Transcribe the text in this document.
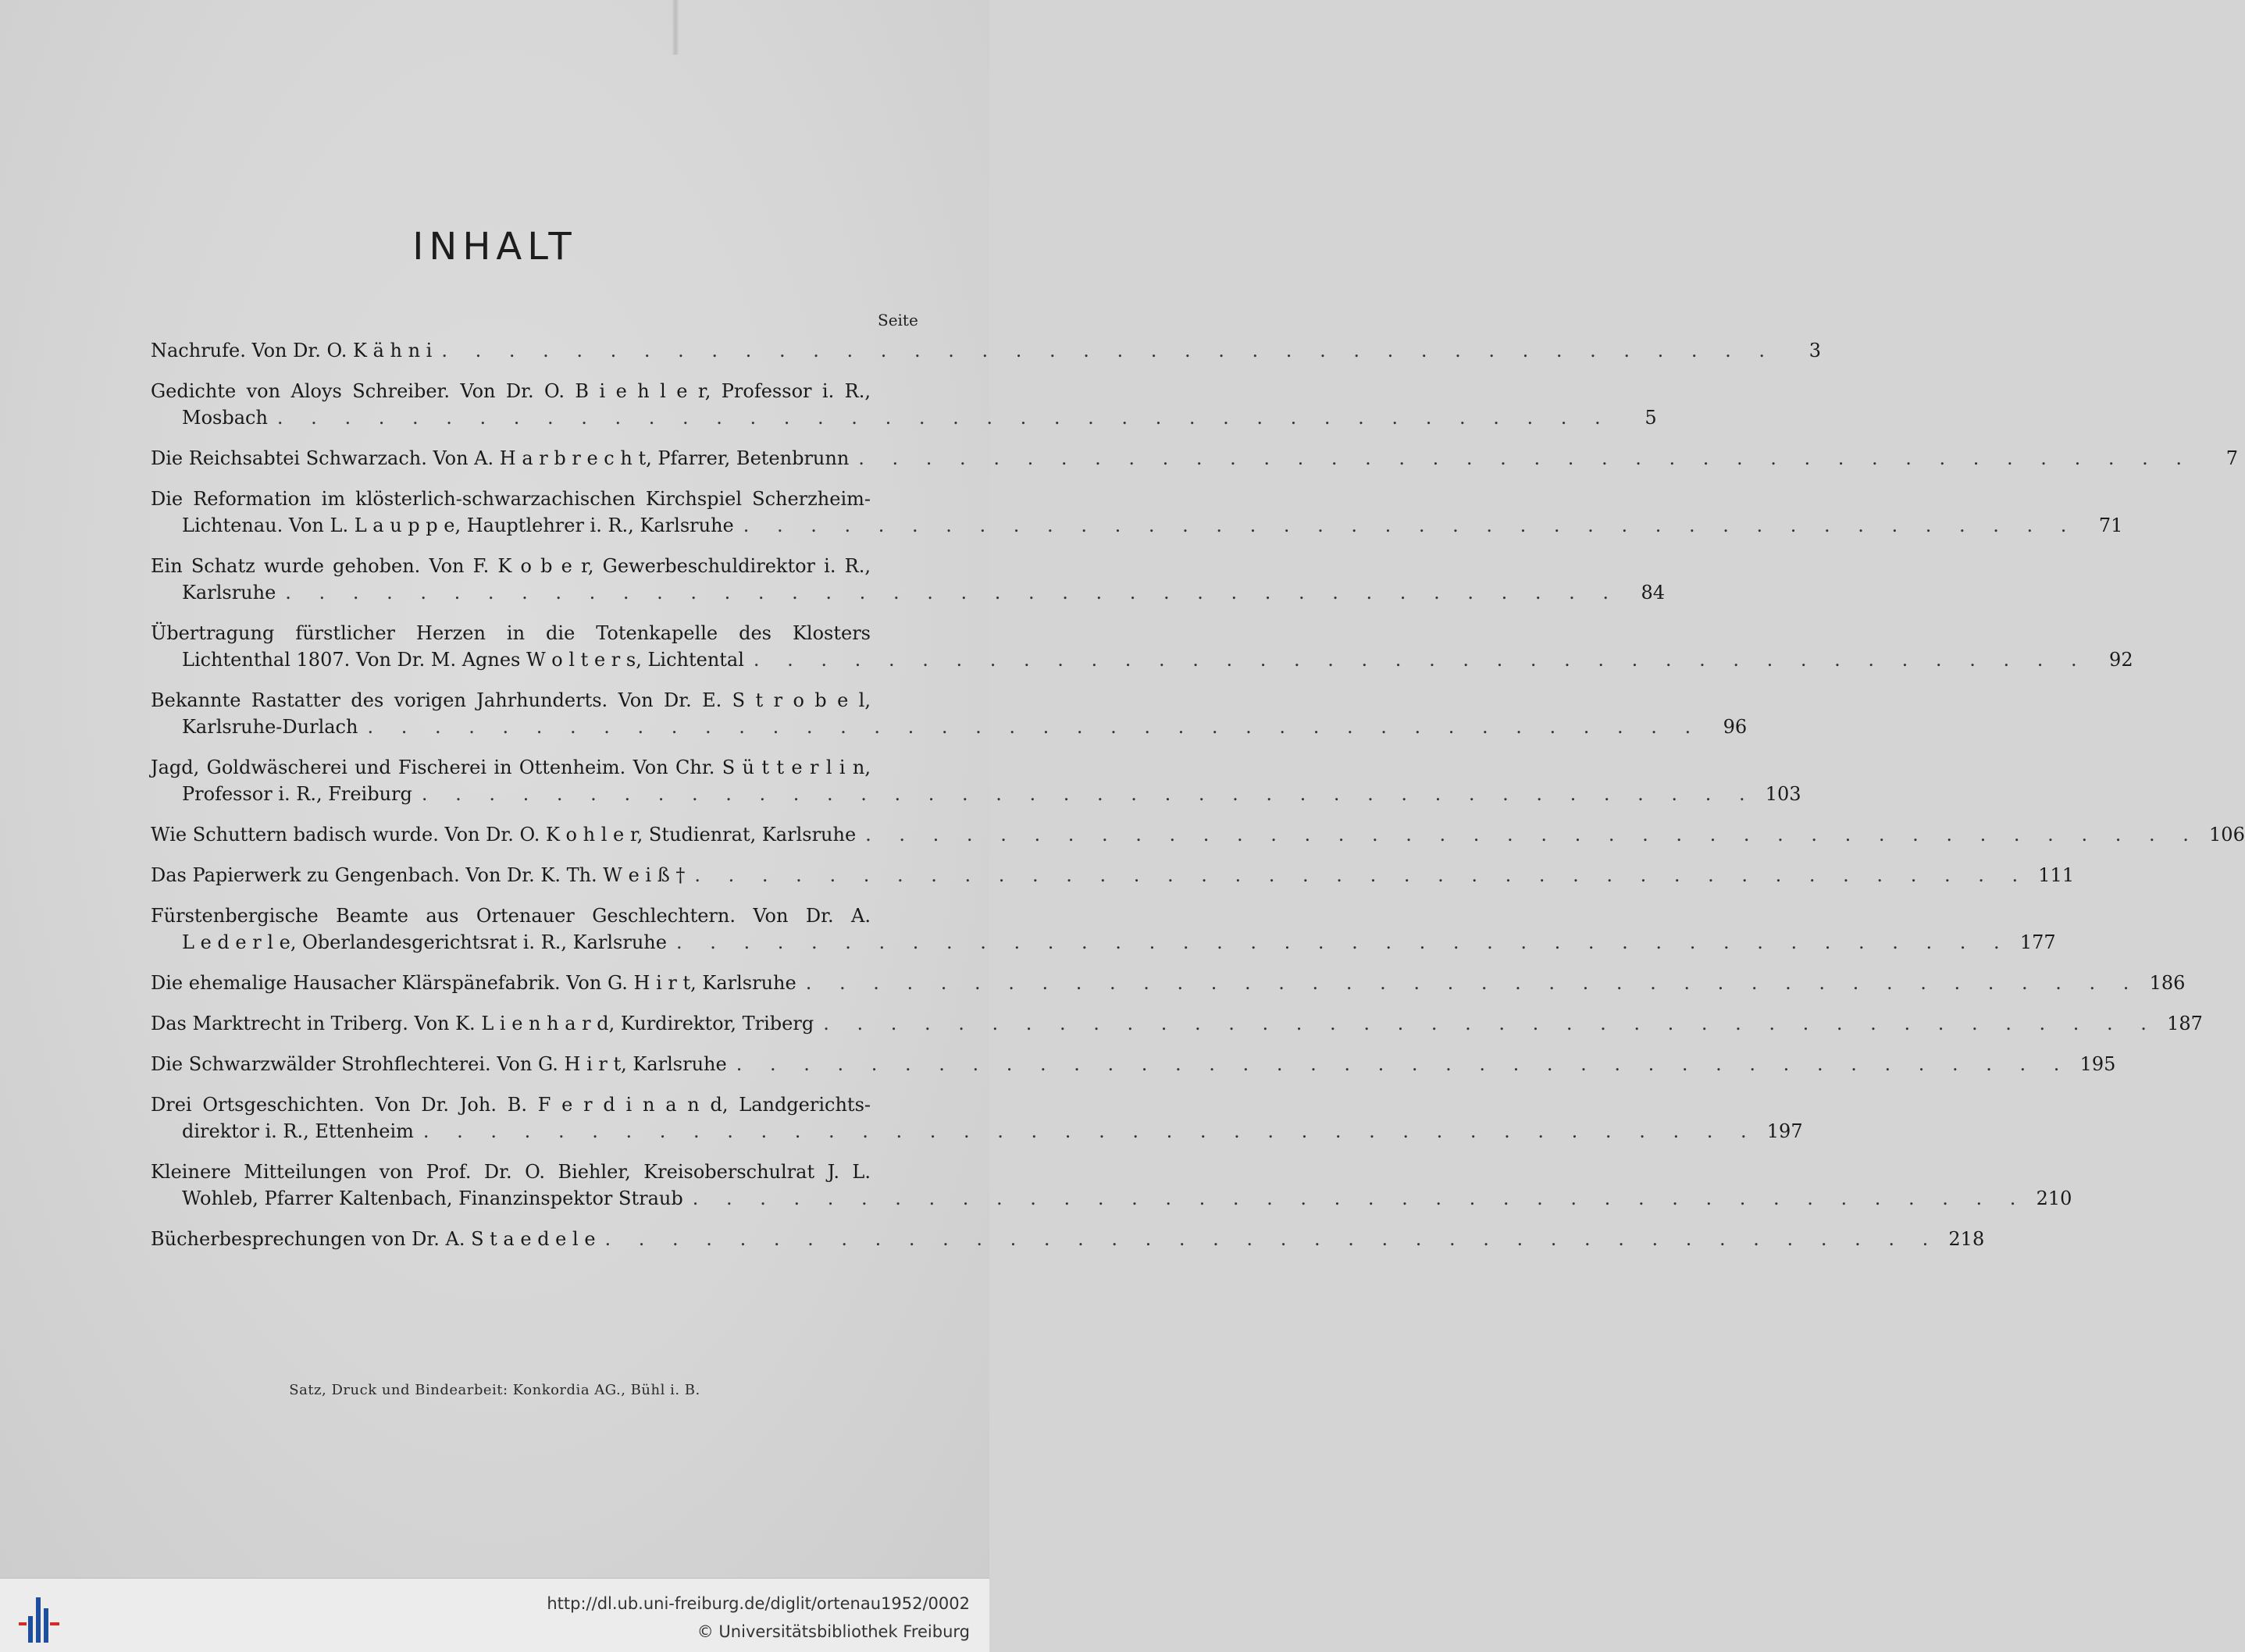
INHALT
Seite
Nachrufe. Von Dr. O. K ä h n i . . . . . . . . . . . . . . . . . . . . . . . . . . . . . . . . . . . . . . . .	3
Gedichte von Aloys Schreiber. Von Dr. O. B i e h l e r, Professor i. R.,
Mosbach . . . . . . . . . . . . . . . . . . . . . . . . . . . . . . . . . . . . . . . .	5
Die Reichsabtei Schwarzach. Von A. H a r b r e c h t, Pfarrer, Betenbrunn . . . . . . . . . . . . . . . . . . . . . . . . . . . . . . . . . . . . . . . .	7
Die Reformation im klösterlich-schwarzachischen Kirchspiel Scherzheim-
Lichtenau. Von L. L a u p p e, Hauptlehrer i. R., Karlsruhe . . . . . . . . . . . . . . . . . . . . . . . . . . . . . . . . . . . . . . . .	71
Ein Schatz wurde gehoben. Von F. K o b e r, Gewerbeschuldirektor i. R.,
Karlsruhe . . . . . . . . . . . . . . . . . . . . . . . . . . . . . . . . . . . . . . . .	84
Übertragung fürstlicher Herzen in die Totenkapelle des Klosters
Lichtenthal 1807. Von Dr. M. Agnes W o l t e r s, Lichtental . . . . . . . . . . . . . . . . . . . . . . . . . . . . . . . . . . . . . . . .	92
Bekannte Rastatter des vorigen Jahrhunderts. Von Dr. E. S t r o b e l,
Karlsruhe-Durlach . . . . . . . . . . . . . . . . . . . . . . . . . . . . . . . . . . . . . . . .	96
Jagd, Goldwäscherei und Fischerei in Ottenheim. Von Chr. S ü t t e r l i n,
Professor i. R., Freiburg . . . . . . . . . . . . . . . . . . . . . . . . . . . . . . . . . . . . . . . . 103
Wie Schuttern badisch wurde. Von Dr. O. K o h l e r, Studienrat, Karlsruhe . . . . . . . . . . . . . . . . . . . . . . . . . . . . . . . . . . . . . . . . 106
Das Papierwerk zu Gengenbach. Von Dr. K. Th. W e i ß † . . . . . . . . . . . . . . . . . . . . . . . . . . . . . . . . . . . . . . . . 111
Fürstenbergische Beamte aus Ortenauer Geschlechtern. Von Dr. A.
L e d e r l e, Oberlandesgerichtsrat i. R., Karlsruhe . . . . . . . . . . . . . . . . . . . . . . . . . . . . . . . . . . . . . . . . 177
Die ehemalige Hausacher Klärspänefabrik. Von G. H i r t, Karlsruhe . . . . . . . . . . . . . . . . . . . . . . . . . . . . . . . . . . . . . . . . 186
Das Marktrecht in Triberg. Von K. L i e n h a r d, Kurdirektor, Triberg . . . . . . . . . . . . . . . . . . . . . . . . . . . . . . . . . . . . . . . . 187
Die Schwarzwälder Strohflechterei. Von G. H i r t, Karlsruhe . . . . . . . . . . . . . . . . . . . . . . . . . . . . . . . . . . . . . . . . 195
Drei Ortsgeschichten. Von Dr. Joh. B. F e r d i n a n d, Landgerichts-
direktor i. R., Ettenheim . . . . . . . . . . . . . . . . . . . . . . . . . . . . . . . . . . . . . . . . 197
Kleinere Mitteilungen von Prof. Dr. O. Biehler, Kreisoberschulrat J. L.
Wohleb, Pfarrer Kaltenbach, Finanzinspektor Straub . . . . . . . . . . . . . . . . . . . . . . . . . . . . . . . . . . . . . . . . 210
Bücherbesprechungen von Dr. A. S t a e d e l e . . . . . . . . . . . . . . . . . . . . . . . . . . . . . . . . . . . . . . . . 218
Satz, Druck und Bindearbeit: Konkordia AG., Bühl i. B.
http://dl.ub.uni-freiburg.de/diglit/ortenau1952/0002
© Universitätsbibliothek Freiburg
